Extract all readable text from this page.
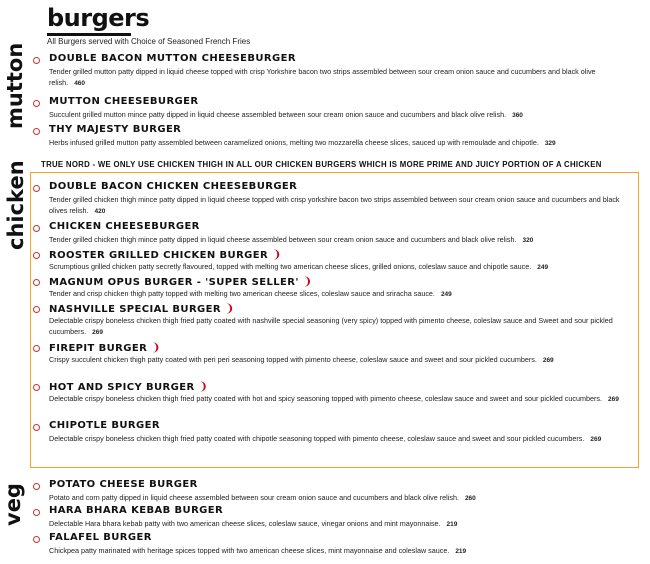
burgers
All Burgers served with Choice of Seasoned French Fries
mutton
chicken
veg
TRUE NORD - WE ONLY USE CHICKEN THIGH IN ALL OUR CHICKEN BURGERS WHICH IS MORE PRIME AND JUICY PORTION OF A CHICKEN
DOUBLE BACON MUTTON CHEESEBURGER
Tender grilled mutton patty dipped in liquid cheese topped with crisp Yorkshire bacon two strips assembled between sour cream onion sauce and cucumbers and black olive relish. 460
MUTTON CHEESEBURGER
Succulent grilled mutton mince patty dipped in liquid cheese assembled between sour cream onion sauce and cucumbers and black olive relish. 360
THY MAJESTY BURGER
Herbs infused grilled mutton patty assembled between caramelized onions, melting two mozzarella cheese slices, sauced up with remoulade and chipotle. 329
DOUBLE BACON CHICKEN CHEESEBURGER
Tender grilled chicken thigh mince patty dipped in liquid cheese topped with crisp yorkshire bacon two strips assembled between sour cream onion sauce and cucumbers and black olives relish. 420
CHICKEN CHEESEBURGER
Tender grilled chicken thigh mince patty dipped in liquid cheese assembled between sour cream onion sauce and cucumbers and black olive relish. 320
ROOSTER GRILLED CHICKEN BURGER ❩
Scrumptious grilled chicken patty secretly flavoured, topped with melting two american cheese slices, grilled onions, coleslaw sauce and chipotle sauce. 249
MAGNUM OPUS BURGER - 'SUPER SELLER' ❩
Tender and crisp chicken thigh patty topped with melting two american cheese slices, coleslaw sauce and sriracha sauce. 249
NASHVILLE SPECIAL BURGER ❩
Delectable crispy boneless chicken thigh fried patty coated with nashville special seasoning (very spicy) topped with pimento cheese, coleslaw sauce and Sweet and sour pickled cucumbers. 269
FIREPIT BURGER ❩
Crispy succulent chicken thigh patty coated with peri peri seasoning topped with pimento cheese, coleslaw sauce and sweet and sour pickled cucumbers. 269
HOT AND SPICY BURGER ❩
Delectable crispy boneless chicken thigh fried patty coated with hot and spicy seasoning topped with pimento cheese, coleslaw sauce and sweet and sour pickled cucumbers. 269
CHIPOTLE BURGER
Delectable crispy boneless chicken thigh fried patty coated with chipotle seasoning topped with pimento cheese, coleslaw sauce and sweet and sour pickled cucumbers. 269
POTATO CHEESE BURGER
Potato and corn patty dipped in liquid cheese assembled between sour cream onion sauce and cucumbers and black olive relish. 260
HARA BHARA KEBAB BURGER
Delectable Hara bhara kebab patty with two american cheese slices, coleslaw sauce, vinegar onions and mint mayonnaise. 219
FALAFEL BURGER
Chickpea patty marinated with heritage spices topped with two american cheese slices, mint mayonnaise and coleslaw sauce. 219
